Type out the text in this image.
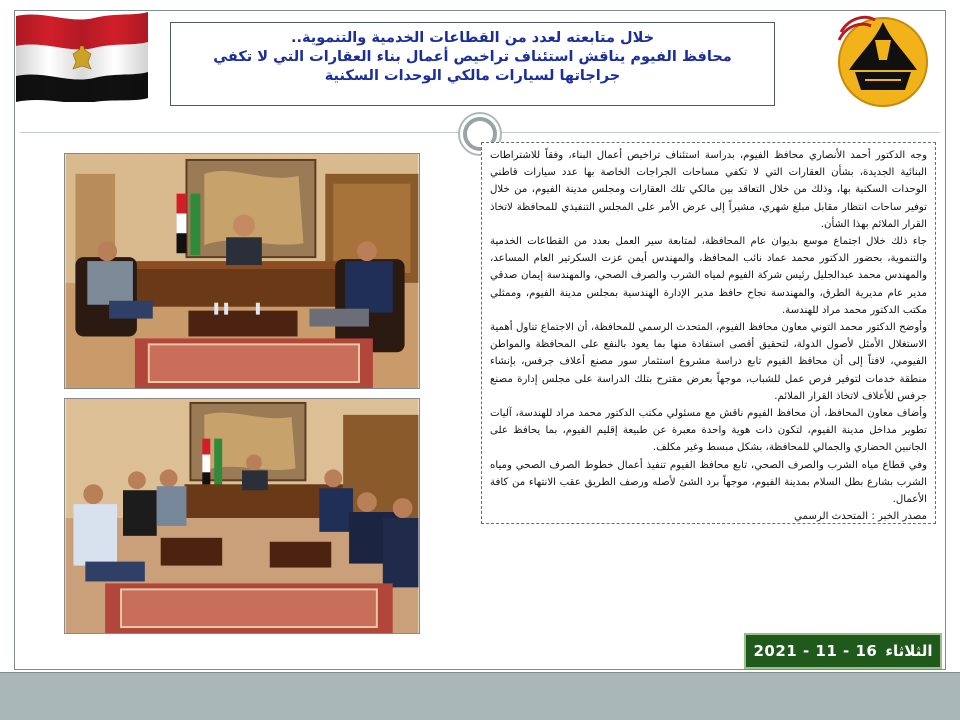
خلال متابعته لعدد من القطاعات الخدمية والتنموية..
محافظ الفيوم يناقش استئناف تراخيص أعمال بناء العقارات التي لا تكفي جراجاتها لسيارات مالكي الوحدات السكنية

وجه الدكتور أحمد الأنصاري محافظ الفيوم، بدراسة استئناف تراخيص أعمال البناء، وفقاً للاشتراطات البنائية الجديدة، بشأن العقارات التي لا تكفي مساحات الجراجات الخاصة بها عدد سيارات قاطني الوحدات السكنية بها، وذلك من خلال التعاقد بين مالكي تلك العقارات ومجلس مدينة الفيوم، من خلال توفير ساحات انتظار مقابل مبلغ شهري، مشيراً إلى عرض الأمر على المجلس التنفيذي للمحافظة لاتخاذ القرار الملائم بهذا الشأن.

جاء ذلك خلال اجتماع موسع بديوان عام المحافظة، لمتابعة سير العمل بعدد من القطاعات الخدمية والتنموية، بحضور الدكتور محمد عماد نائب المحافظ، والمهندس أيمن عزت السكرتير العام المساعد، والمهندس محمد عبدالجليل رئيس شركة الفيوم لمياه الشرب والصرف الصحي، والمهندسة إيمان صدقي مدير عام مديرية الطرق، والمهندسة نجاح حافظ مدير الإدارة الهندسية بمجلس مدينة الفيوم، وممثلي مكتب الدكتور محمد مراد للهندسة.

وأوضح الدكتور محمد التوني معاون محافظ الفيوم، المتحدث الرسمي للمحافظة، أن الاجتماع تناول أهمية الاستغلال الأمثل لأصول الدولة، لتحقيق أقصى استفادة منها بما يعود بالنفع على المحافظة والمواطن الفيومي، لافتاً إلى أن محافظ الفيوم تابع دراسة مشروع استثمار سور مصنع أعلاف جرفس، بإنشاء منطقة خدمات لتوفير فرص عمل للشباب، موجهاً بعرض مقترح بتلك الدراسة على مجلس إدارة مصنع جرفس للأعلاف لاتخاذ القرار الملائم.

وأضاف معاون المحافظ، أن محافظ الفيوم ناقش مع مسئولي مكتب الدكتور محمد مراد للهندسة، آليات تطوير مداخل مدينة الفيوم، لتكون ذات هوية واحدة معبرة عن طبيعة إقليم الفيوم، بما يحافظ على الجانبين الحضاري والجمالي للمحافظة، بشكل مبسط وغير مكلف.

وفي قطاع مياه الشرب والصرف الصحي، تابع محافظ الفيوم تنفيذ أعمال خطوط الصرف الصحي ومياه الشرب بشارع بطل السلام بمدينة الفيوم، موجهاً برد الشئ لأصله ورصف الطريق عقب الانتهاء من كافة الأعمال.

مصدر الخبر : المتحدث الرسمي

الثلاثاء
16 - 11 - 2021
